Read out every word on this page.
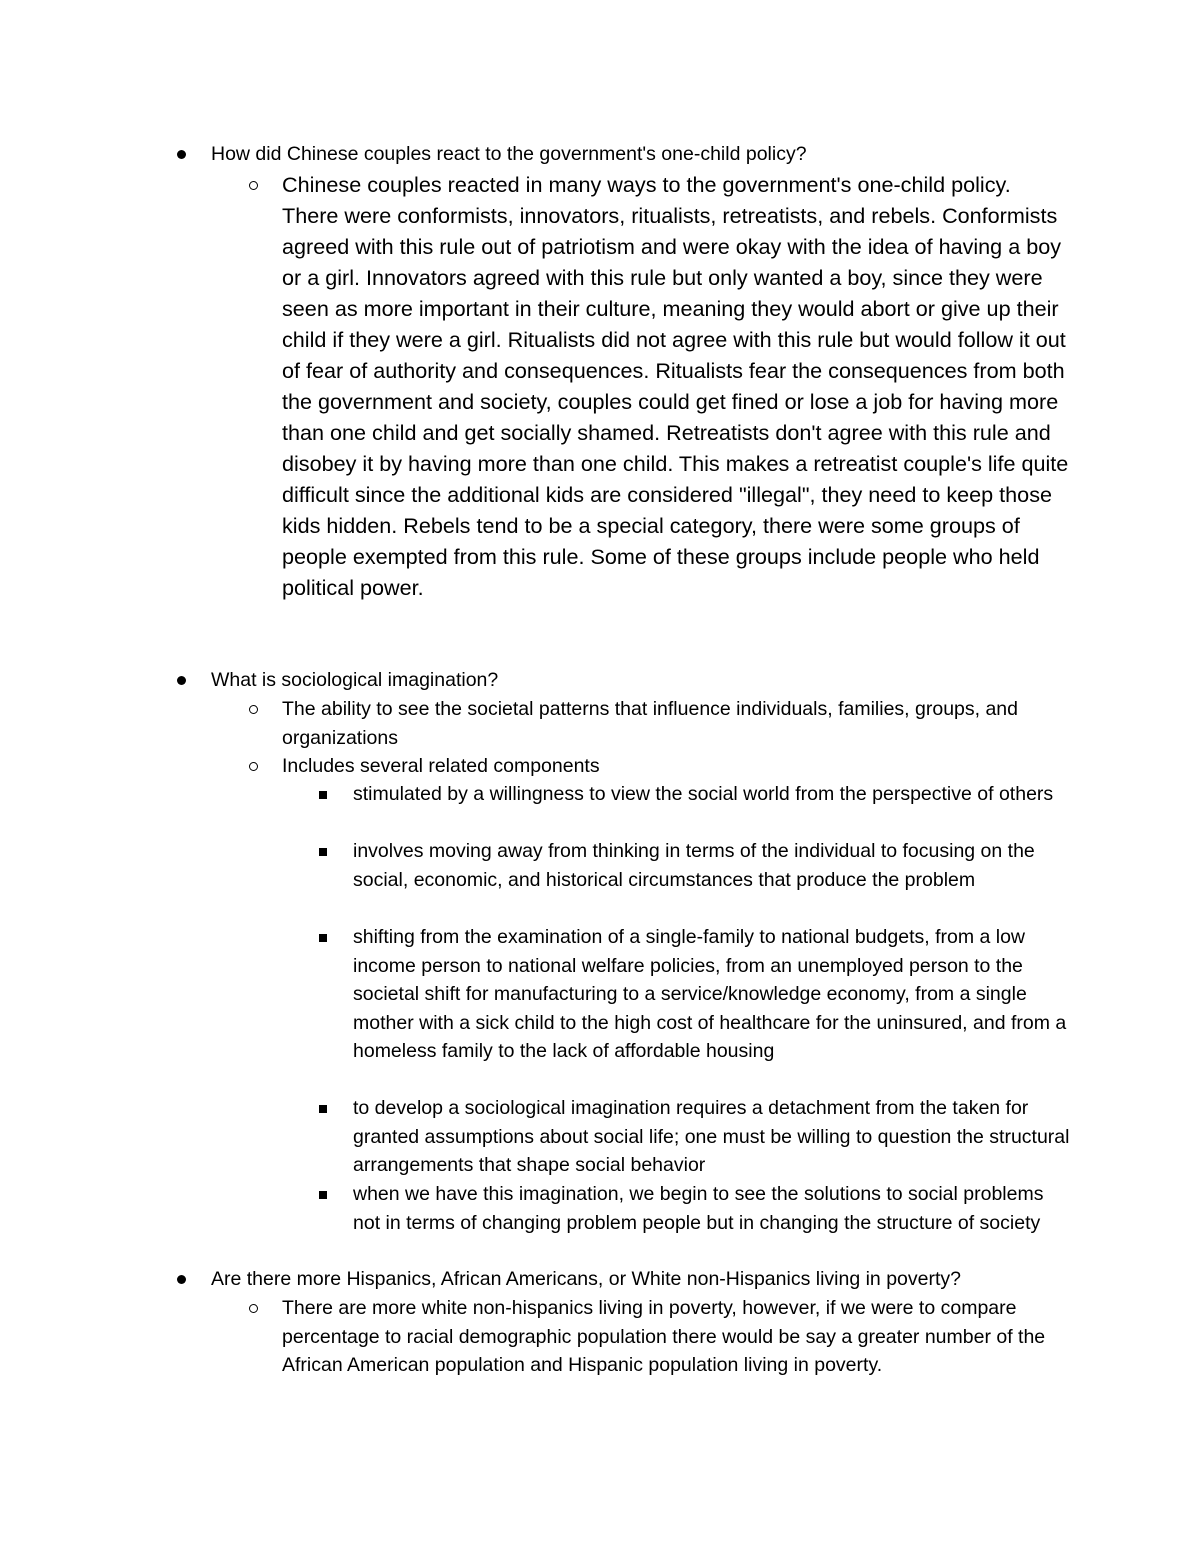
How did Chinese couples react to the government's one-child policy?
Chinese couples reacted in many ways to the government's one-child policy. There were conformists, innovators, ritualists, retreatists, and rebels. Conformists agreed with this rule out of patriotism and were okay with the idea of having a boy or a girl. Innovators agreed with this rule but only wanted a boy, since they were seen as more important in their culture, meaning they would abort or give up their child if they were a girl. Ritualists did not agree with this rule but would follow it out of fear of authority and consequences. Ritualists fear the consequences from both the government and society, couples could get fined or lose a job for having more than one child and get socially shamed. Retreatists don't agree with this rule and disobey it by having more than one child. This makes a retreatist couple's life quite difficult since the additional kids are considered "illegal", they need to keep those kids hidden. Rebels tend to be a special category, there were some groups of people exempted from this rule. Some of these groups include people who held political power.
What is sociological imagination?
The ability to see the societal patterns that influence individuals, families, groups, and organizations
Includes several related components
stimulated by a willingness to view the social world from the perspective of others
involves moving away from thinking in terms of the individual to focusing on the social, economic, and historical circumstances that produce the problem
shifting from the examination of a single-family to national budgets, from a low income person to national welfare policies, from an unemployed person to the societal shift for manufacturing to a service/knowledge economy, from a single mother with a sick child to the high cost of healthcare for the uninsured, and from a homeless family to the lack of affordable housing
to develop a sociological imagination requires a detachment from the taken for granted assumptions about social life; one must be willing to question the structural arrangements that shape social behavior
when we have this imagination, we begin to see the solutions to social problems not in terms of changing problem people but in changing the structure of society
Are there more Hispanics, African Americans, or White non-Hispanics living in poverty?
There are more white non-hispanics living in poverty, however, if we were to compare percentage to racial demographic population there would be say a greater number of the African American population and Hispanic population living in poverty.
